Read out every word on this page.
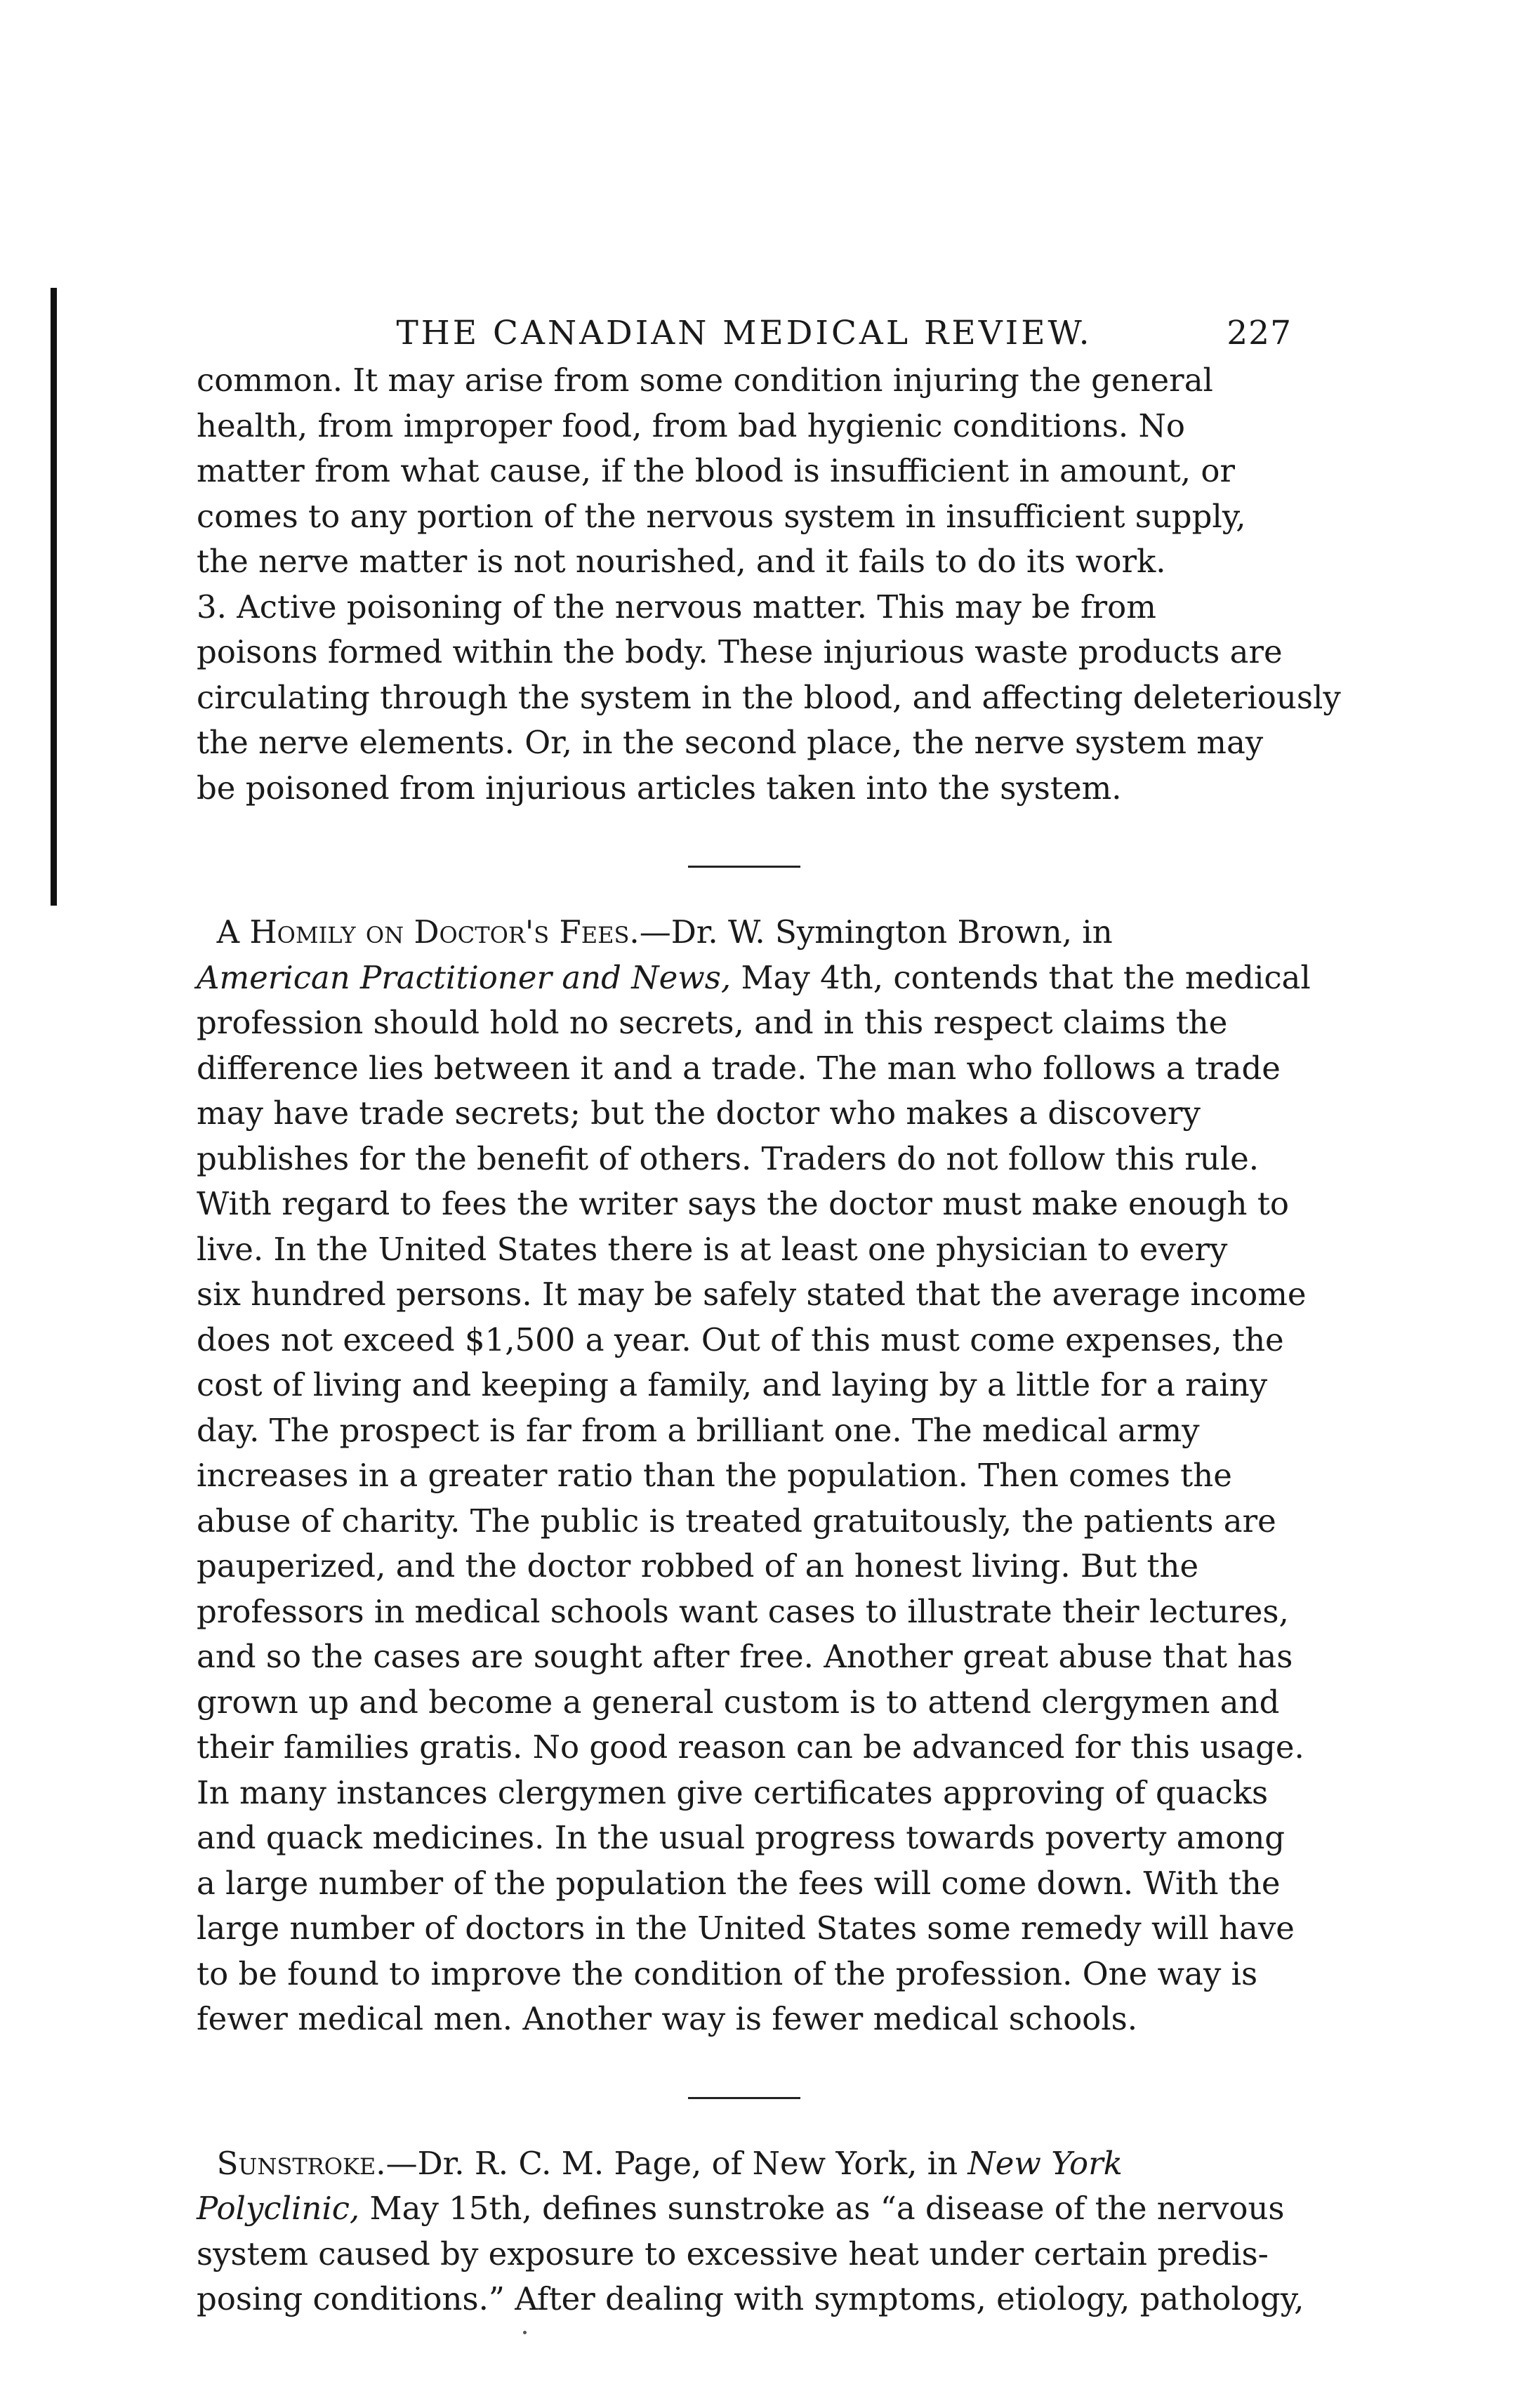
THE CANADIAN MEDICAL REVIEW.	227
common. It may arise from some condition injuring the general
health, from improper food, from bad hygienic conditions. No
matter from what cause, if the blood is insufficient in amount, or
comes to any portion of the nervous system in insufficient supply,
the nerve matter is not nourished, and it fails to do its work.
3. Active poisoning of the nervous matter. This may be from
poisons formed within the body. These injurious waste products are
circulating through the system in the blood, and affecting deleteriously
the nerve elements. Or, in the second place, the nerve system may
be poisoned from injurious articles taken into the system.
A Homily on Doctor's Fees.—Dr. W. Symington Brown, in
American Practitioner and News, May 4th, contends that the medical
profession should hold no secrets, and in this respect claims the
difference lies between it and a trade. The man who follows a trade
may have trade secrets; but the doctor who makes a discovery
publishes for the benefit of others. Traders do not follow this rule.
With regard to fees the writer says the doctor must make enough to
live. In the United States there is at least one physician to every
six hundred persons. It may be safely stated that the average income
does not exceed $1,500 a year. Out of this must come expenses, the
cost of living and keeping a family, and laying by a little for a rainy
day. The prospect is far from a brilliant one. The medical army
increases in a greater ratio than the population. Then comes the
abuse of charity. The public is treated gratuitously, the patients are
pauperized, and the doctor robbed of an honest living. But the
professors in medical schools want cases to illustrate their lectures,
and so the cases are sought after free. Another great abuse that has
grown up and become a general custom is to attend clergymen and
their families gratis. No good reason can be advanced for this usage.
In many instances clergymen give certificates approving of quacks
and quack medicines. In the usual progress towards poverty among
a large number of the population the fees will come down. With the
large number of doctors in the United States some remedy will have
to be found to improve the condition of the profession. One way is
fewer medical men. Another way is fewer medical schools.
Sunstroke.—Dr. R. C. M. Page, of New York, in New York
Polyclinic, May 15th, defines sunstroke as “a disease of the nervous
system caused by exposure to excessive heat under certain predis-
posing conditions.” After dealing with symptoms, etiology, pathology,
